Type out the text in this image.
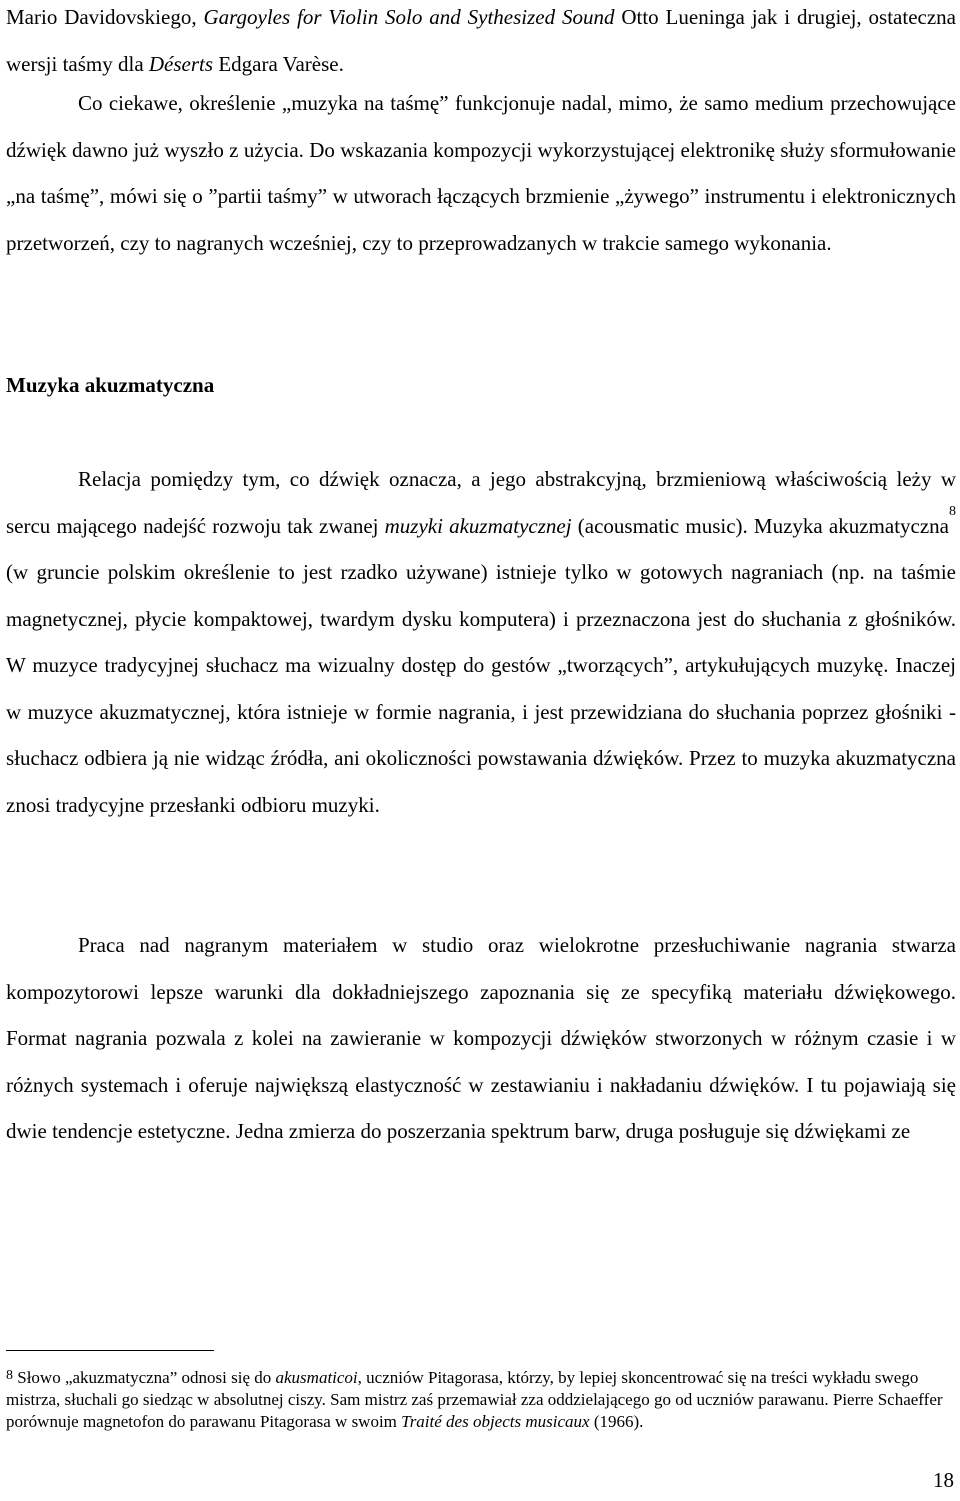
Mario Davidovskiego, Gargoyles for Violin Solo and Sythesized Sound Otto Lueninga jak i drugiej, ostateczna wersji taśmy dla Déserts Edgara Varèse.

Co ciekawe, określenie „muzyka na taśmę” funkcjonuje nadal, mimo, że samo medium przechowujące dźwięk dawno już wyszło z użycia. Do wskazania kompozycji wykorzystującej elektronikę służy sformułowanie „na taśmę”, mówi się o ”partii taśmy” w utworach łączących brzmienie „żywego” instrumentu i elektronicznych przetworzeń, czy to nagranych wcześniej, czy to przeprowadzanych w trakcie samego wykonania.

Muzyka akuzmatyczna

Relacja pomiędzy tym, co dźwięk oznacza, a jego abstrakcyjną, brzmieniową właściwością leży w sercu mającego nadejść rozwoju tak zwanej muzyki akuzmatycznej (acousmatic music). Muzyka akuzmatyczna$^8$ (w gruncie polskim określenie to jest rzadko używane) istnieje tylko w gotowych nagraniach (np. na taśmie magnetycznej, płycie kompaktowej, twardym dysku komputera) i przeznaczona jest do słuchania z głośników. W muzyce tradycyjnej słuchacz ma wizualny dostęp do gestów „tworzących”, artykułujących muzykę. Inaczej w muzyce akuzmatycznej, która istnieje w formie nagrania, i jest przewidziana do słuchania poprzez głośniki - słuchacz odbiera ją nie widząc źródła, ani okoliczności powstawania dźwięków. Przez to muzyka akuzmatyczna znosi tradycyjne przesłanki odbioru muzyki.

Praca nad nagranym materiałem w studio oraz wielokrotne przesłuchiwanie nagrania stwarza kompozytorowi lepsze warunki dla dokładniejszego zapoznania się ze specyfiką materiału dźwiękowego. Format nagrania pozwala z kolei na zawieranie w kompozycji dźwięków stworzonych w różnym czasie i w różnych systemach i oferuje największą elastyczność w zestawianiu i nakładaniu dźwięków. I tu pojawiają się dwie tendencje estetyczne. Jedna zmierza do poszerzania spektrum barw, druga posługuje się dźwiękami ze

$^8$ Słowo „akuzmatyczna” odnosi się do akusmaticoi, uczniów Pitagorasa, którzy, by lepiej skoncentrować się na treści wykładu swego mistrza, słuchali go siedząc w absolutnej ciszy. Sam mistrz zaś przemawiał zza oddzielającego go od uczniów parawanu. Pierre Schaeffer porównuje magnetofon do parawanu Pitagorasa w swoim Traité des objects musicaux (1966).

18
